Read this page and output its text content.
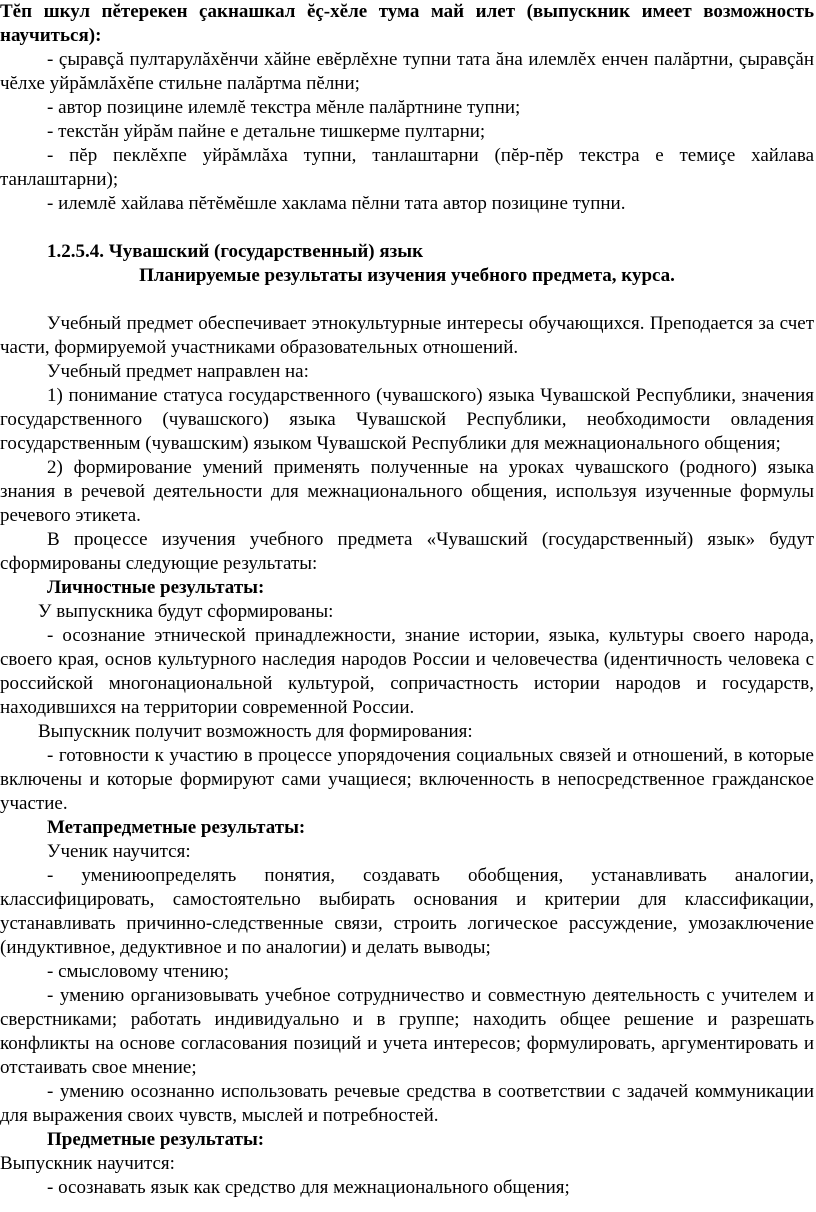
Тĕп шкул пĕтерекен çакнашкал ĕç-хĕле тума май илет (выпускник имеет возможность научиться):

- çыравçă пултарулăхĕнчи хăйне евĕрлĕхне тупни тата ăна илемлĕх енчен палăртни, çыравçăн чĕлхе уйрăмлăхĕпе стильне палăртма пĕлни;

- автор позицине илемлĕ текстра мĕнле палăртнине тупни;

- текстăн уйрăм пайне е детальне тишкерме пултарни;

- пĕр пеклĕхпе уйрăмлăха тупни, танлаштарни (пĕр-пĕр текстра е темиçе хайлава танлаштарни);

- илемлĕ хайлава пĕтĕмĕшле хаклама пĕлни тата автор позицине тупни.

1.2.5.4. Чувашский (государственный) язык

Планируемые результаты изучения учебного предмета, курса.

Учебный предмет обеспечивает этнокультурные интересы обучающихся. Преподается за счет части, формируемой участниками образовательных отношений.

Учебный предмет направлен на:

1) понимание статуса государственного (чувашского) языка Чувашской Республики, значения государственного (чувашского) языка Чувашской Республики, необходимости овладения государственным (чувашским) языком Чувашской Республики для межнационального общения;

2) формирование умений применять полученные на уроках чувашского (родного) языка знания в речевой деятельности для межнационального общения, используя изученные формулы речевого этикета.

В процессе изучения учебного предмета «Чувашский (государственный) язык» будут сформированы следующие результаты:

Личностные результаты:

У выпускника будут сформированы:

- осознание этнической принадлежности, знание истории, языка, культуры своего народа, своего края, основ культурного наследия народов России и человечества (идентичность человека с российской многонациональной культурой, сопричастность истории народов и государств, находившихся на территории современной России.

Выпускник получит возможность для формирования:

- готовности к участию в процессе упорядочения социальных связей и отношений, в которые включены и которые формируют сами учащиеся; включенность в непосредственное гражданское участие.

Метапредметные результаты:

Ученик научится:

- умениюопределять понятия, создавать обобщения, устанавливать аналогии, классифицировать, самостоятельно выбирать основания и критерии для классификации, устанавливать причинно-следственные связи, строить логическое рассуждение, умозаключение (индуктивное, дедуктивное и по аналогии) и делать выводы;

- смысловому чтению;

- умению организовывать учебное сотрудничество и совместную деятельность с учителем и сверстниками; работать индивидуально и в группе; находить общее решение и разрешать конфликты на основе согласования позиций и учета интересов; формулировать, аргументировать и отстаивать свое мнение;

- умению осознанно использовать речевые средства в соответствии с задачей коммуникации для выражения своих чувств, мыслей и потребностей.

Предметные результаты:

Выпускник научится:

- осознавать язык как средство для межнационального общения;
